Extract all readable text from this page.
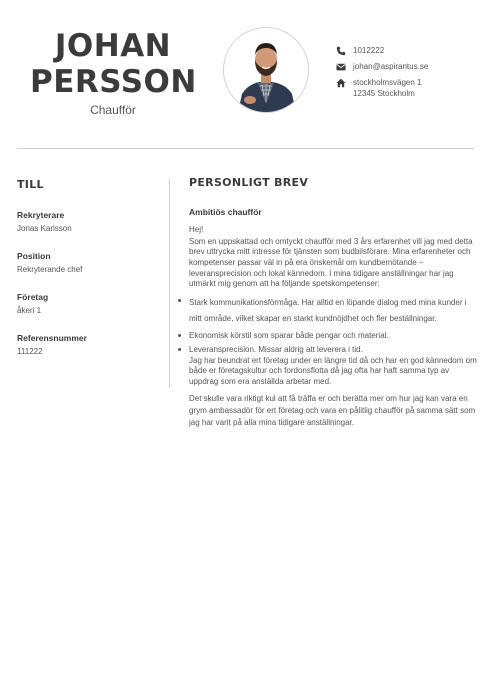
JOHAN
PERSSON
Chaufför
1012222
johan@aspirantus.se
stockholmsvägen 1
12345 Stockholm
TILL
Rekryterare
Jonas Karlsson
Position
Rekryterande chef
Företag
åkeri 1
Referensnummer
111222
PERSONLIGT BREV
Ambitiös chaufför
Hej!
Som en uppskattad och omtyckt chaufför med 3 års erfarenhet vill jag med detta brev uttrycka mitt intresse för tjänsten som budbilsförare. Mina erfarenheter och kompetenser passar väl in på era önskemål om kundbemötande – leveransprecision och lokal kännedom. I mina tidigare anställningar har jag utmärkt mig genom att ha följande spetskompetenser:
Stark kommunikationsförmåga. Har alltid en löpande dialog med mina kunder i mitt område, vilket skapar en starkt kundnöjdhet och fler beställningar.
Ekonomisk körstil som sparar både pengar och material.
Leveransprecision. Missar aldrig att leverera i tid.
Jag har beundrat ert företag under en längre tid då och har en god kännedom om både er företagskultur och fordonsflotta då jag ofta har haft samma typ av uppdrag som era anställda arbetar med.
Det skulle vara riktigt kul att få träffa er och berätta mer om hur jag kan vara en grym ambassadör för ert företag och vara en pålitlig chaufför på samma sätt som jag har varit på alla mina tidigare anställningar.
